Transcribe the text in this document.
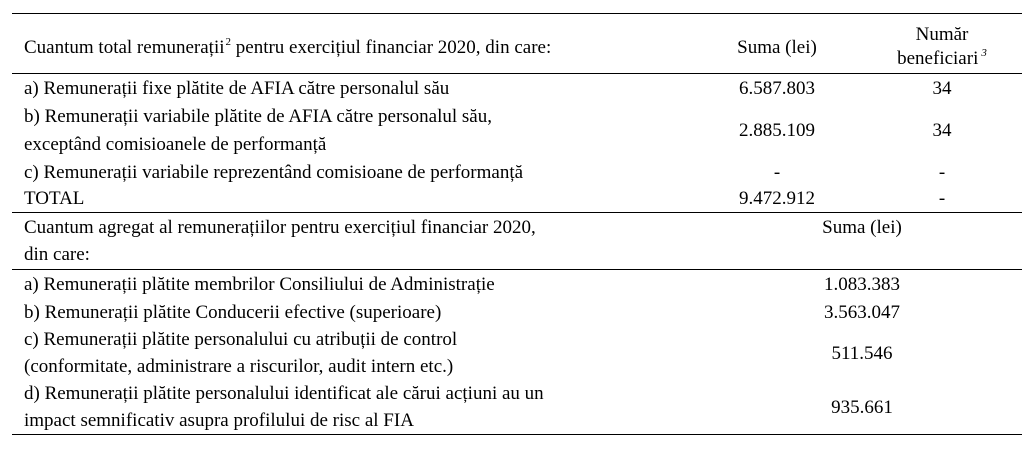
Cuantum total remunerații$^2$ pentru exercițiul financiar 2020, din care:	Suma (lei)
Număr
beneficiari $^3$
a) Remunerații fixe plătite de AFIA către personalul său	6.587.803	34
b) Remunerații variabile plătite de AFIA către personalul său,
exceptând comisioanele de performanță
2.885.109	34
c) Remunerații variabile reprezentând comisioane de performanță	-	-
TOTAL	9.472.912	-
Cuantum agregat al remunerațiilor pentru exercițiul financiar 2020,
din care:
Suma (lei)
a) Remunerații plătite membrilor Consiliului de Administrație	1.083.383
b) Remunerații plătite Conducerii efective (superioare)	3.563.047
c) Remunerații plătite personalului cu atribuții de control
(conformitate, administrare a riscurilor, audit intern etc.)
511.546
d) Remunerații plătite personalului identificat ale cărui acțiuni au un
impact semnificativ asupra profilului de risc al FIA
935.661
